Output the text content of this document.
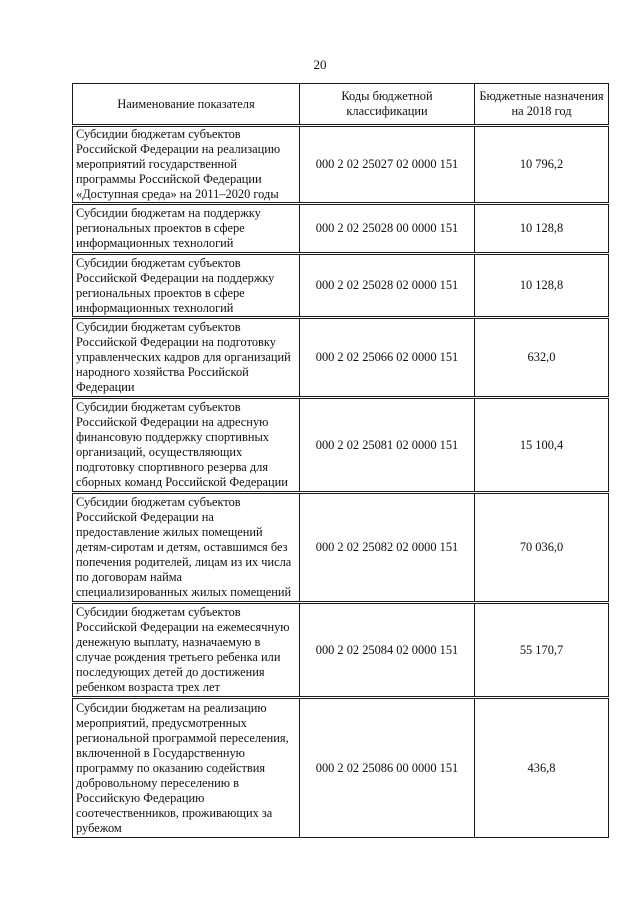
20
Наименование показателя	Коды бюджетной классификации	Бюджетные назначения на 2018 год
Субсидии бюджетам субъектов Российской Федерации на реализацию мероприятий государственной программы Российской Федерации «Доступная среда» на 2011–2020 годы	000 2 02 25027 02 0000 151	10 796,2
Субсидии бюджетам на поддержку региональных проектов в сфере информационных технологий	000 2 02 25028 00 0000 151	10 128,8
Субсидии бюджетам субъектов Российской Федерации на поддержку региональных проектов в сфере информационных технологий	000 2 02 25028 02 0000 151	10 128,8
Субсидии бюджетам субъектов Российской Федерации на подготовку управленческих кадров для организаций народного хозяйства Российской Федерации	000 2 02 25066 02 0000 151	632,0
Субсидии бюджетам субъектов Российской Федерации на адресную финансовую поддержку спортивных организаций, осуществляющих подготовку спортивного резерва для сборных команд Российской Федерации	000 2 02 25081 02 0000 151	15 100,4
Субсидии бюджетам субъектов Российской Федерации на предоставление жилых помещений детям-сиротам и детям, оставшимся без попечения родителей, лицам из их числа по договорам найма специализированных жилых помещений	000 2 02 25082 02 0000 151	70 036,0
Субсидии бюджетам субъектов Российской Федерации на ежемесячную денежную выплату, назначаемую в случае рождения третьего ребенка или последующих детей до достижения ребенком возраста трех лет	000 2 02 25084 02 0000 151	55 170,7
Субсидии бюджетам на реализацию мероприятий, предусмотренных региональной программой переселения, включенной в Государственную программу по оказанию содействия добровольному переселению в Российскую Федерацию соотечественников, проживающих за рубежом	000 2 02 25086 00 0000 151	436,8
